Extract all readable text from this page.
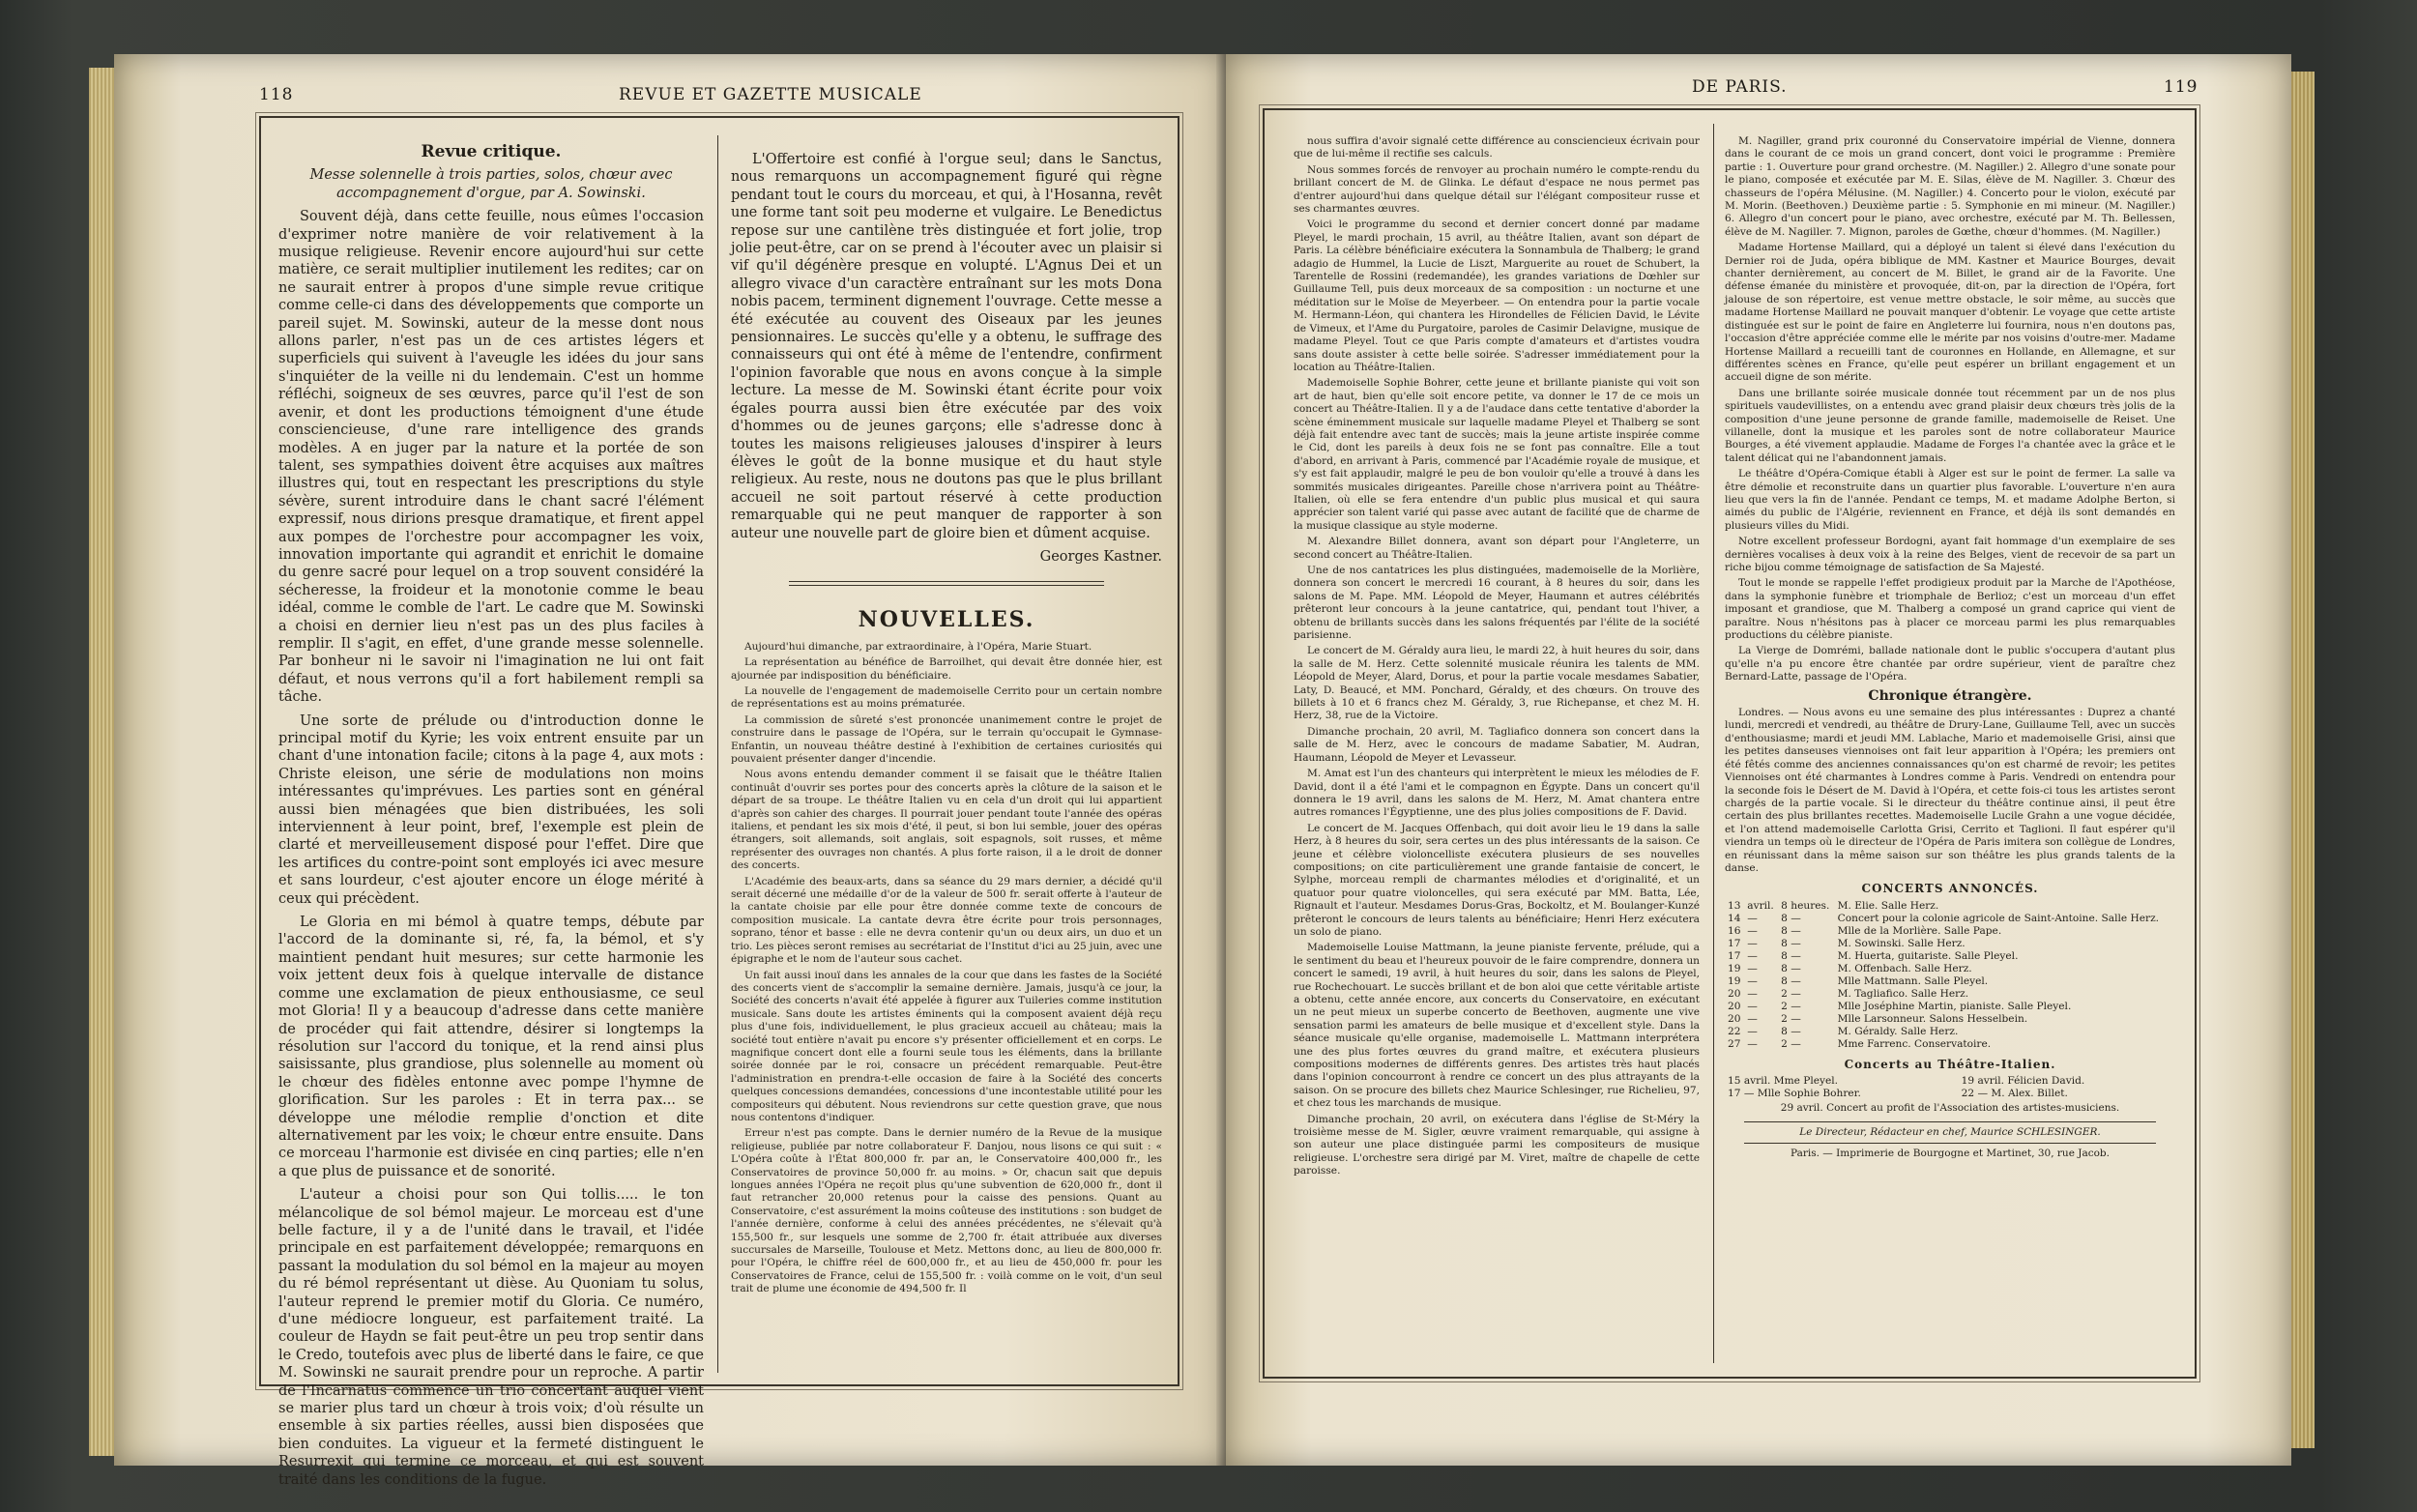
118	REVUE ET GAZETTE MUSICALE

Revue critique.

Messe solennelle à trois parties, solos, chœur avec accompagnement d'orgue, par A. Sowinski.

Souvent déjà, dans cette feuille, nous eûmes l'occasion d'exprimer notre manière de voir relativement à la musique religieuse. Revenir encore aujourd'hui sur cette matière, ce serait multiplier inutilement les redites; car on ne saurait entrer à propos d'une simple revue critique comme celle-ci dans des développements que comporte un pareil sujet. M. Sowinski, auteur de la messe dont nous allons parler, n'est pas un de ces artistes légers et superficiels qui suivent à l'aveugle les idées du jour sans s'inquiéter de la veille ni du lendemain. C'est un homme réfléchi, soigneux de ses œuvres, parce qu'il l'est de son avenir, et dont les productions témoignent d'une étude consciencieuse, d'une rare intelligence des grands modèles. A en juger par la nature et la portée de son talent, ses sympathies doivent être acquises aux maîtres illustres qui, tout en respectant les prescriptions du style sévère, surent introduire dans le chant sacré l'élément expressif, nous dirions presque dramatique, et firent appel aux pompes de l'orchestre pour accompagner les voix, innovation importante qui agrandit et enrichit le domaine du genre sacré pour lequel on a trop souvent considéré la sécheresse, la froideur et la monotonie comme le beau idéal, comme le comble de l'art. Le cadre que M. Sowinski a choisi en dernier lieu n'est pas un des plus faciles à remplir. Il s'agit, en effet, d'une grande messe solennelle. Par bonheur ni le savoir ni l'imagination ne lui ont fait défaut, et nous verrons qu'il a fort habilement rempli sa tâche.

Une sorte de prélude ou d'introduction donne le principal motif du Kyrie; les voix entrent ensuite par un chant d'une intonation facile; citons à la page 4, aux mots : Christe eleison, une série de modulations non moins intéressantes qu'imprévues. Les parties sont en général aussi bien ménagées que bien distribuées, les soli interviennent à leur point, bref, l'exemple est plein de clarté et merveilleusement disposé pour l'effet. Dire que les artifices du contre-point sont employés ici avec mesure et sans lourdeur, c'est ajouter encore un éloge mérité à ceux qui précèdent.

Le Gloria en mi bémol à quatre temps, débute par l'accord de la dominante si, ré, fa, la bémol, et s'y maintient pendant huit mesures; sur cette harmonie les voix jettent deux fois à quelque intervalle de distance comme une exclamation de pieux enthousiasme, ce seul mot Gloria! Il y a beaucoup d'adresse dans cette manière de procéder qui fait attendre, désirer si longtemps la résolution sur l'accord du tonique, et la rend ainsi plus saisissante, plus grandiose, plus solennelle au moment où le chœur des fidèles entonne avec pompe l'hymne de glorification. Sur les paroles : Et in terra pax... se développe une mélodie remplie d'onction et dite alternativement par les voix; le chœur entre ensuite. Dans ce morceau l'harmonie est divisée en cinq parties; elle n'en a que plus de puissance et de sonorité.

L'auteur a choisi pour son Qui tollis..... le ton mélancolique de sol bémol majeur. Le morceau est d'une belle facture, il y a de l'unité dans le travail, et l'idée principale en est parfaitement développée; remarquons en passant la modulation du sol bémol en la majeur au moyen du ré bémol représentant ut dièse. Au Quoniam tu solus, l'auteur reprend le premier motif du Gloria. Ce numéro, d'une médiocre longueur, est parfaitement traité. La couleur de Haydn se fait peut-être un peu trop sentir dans le Credo, toutefois avec plus de liberté dans le faire, ce que M. Sowinski ne saurait prendre pour un reproche. A partir de l'Incarnatus commence un trio concertant auquel vient se marier plus tard un chœur à trois voix; d'où résulte un ensemble à six parties réelles, aussi bien disposées que bien conduites. La vigueur et la fermeté distinguent le Resurrexit qui termine ce morceau, et qui est souvent traité dans les conditions de la fugue.

L'Offertoire est confié à l'orgue seul; dans le Sanctus, nous remarquons un accompagnement figuré qui règne pendant tout le cours du morceau, et qui, à l'Hosanna, revêt une forme tant soit peu moderne et vulgaire. Le Benedictus repose sur une cantilène très distinguée et fort jolie, trop jolie peut-être, car on se prend à l'écouter avec un plaisir si vif qu'il dégénère presque en volupté. L'Agnus Dei et un allegro vivace d'un caractère entraînant sur les mots Dona nobis pacem, terminent dignement l'ouvrage. Cette messe a été exécutée au couvent des Oiseaux par les jeunes pensionnaires. Le succès qu'elle y a obtenu, le suffrage des connaisseurs qui ont été à même de l'entendre, confirment l'opinion favorable que nous en avons conçue à la simple lecture. La messe de M. Sowinski étant écrite pour voix égales pourra aussi bien être exécutée par des voix d'hommes ou de jeunes garçons; elle s'adresse donc à toutes les maisons religieuses jalouses d'inspirer à leurs élèves le goût de la bonne musique et du haut style religieux. Au reste, nous ne doutons pas que le plus brillant accueil ne soit partout réservé à cette production remarquable qui ne peut manquer de rapporter à son auteur une nouvelle part de gloire bien et dûment acquise.

Georges Kastner.

NOUVELLES.

Aujourd'hui dimanche, par extraordinaire, à l'Opéra, Marie Stuart.

La représentation au bénéfice de Barroilhet, qui devait être donnée hier, est ajournée par indisposition du bénéficiaire.

La nouvelle de l'engagement de mademoiselle Cerrito pour un certain nombre de représentations est au moins prématurée.

La commission de sûreté s'est prononcée unanimement contre le projet de construire dans le passage de l'Opéra, sur le terrain qu'occupait le Gymnase-Enfantin, un nouveau théâtre destiné à l'exhibition de certaines curiosités qui pouvaient présenter danger d'incendie.

Nous avons entendu demander comment il se faisait que le théâtre Italien continuât d'ouvrir ses portes pour des concerts après la clôture de la saison et le départ de sa troupe. Le théâtre Italien vu en cela d'un droit qui lui appartient d'après son cahier des charges. Il pourrait jouer pendant toute l'année des opéras italiens, et pendant les six mois d'été, il peut, si bon lui semble, jouer des opéras étrangers, soit allemands, soit anglais, soit espagnols, soit russes, et même représenter des ouvrages non chantés. A plus forte raison, il a le droit de donner des concerts.

L'Académie des beaux-arts, dans sa séance du 29 mars dernier, a décidé qu'il serait décerné une médaille d'or de la valeur de 500 fr. serait offerte à l'auteur de la cantate choisie par elle pour être donnée comme texte de concours de composition musicale. La cantate devra être écrite pour trois personnages, soprano, ténor et basse : elle ne devra contenir qu'un ou deux airs, un duo et un trio. Les pièces seront remises au secrétariat de l'Institut d'ici au 25 juin, avec une épigraphe et le nom de l'auteur sous cachet.

Un fait aussi inouï dans les annales de la cour que dans les fastes de la Société des concerts vient de s'accomplir la semaine dernière. Jamais, jusqu'à ce jour, la Société des concerts n'avait été appelée à figurer aux Tuileries comme institution musicale. Sans doute les artistes éminents qui la composent avaient déjà reçu plus d'une fois, individuellement, le plus gracieux accueil au château; mais la société tout entière n'avait pu encore s'y présenter officiellement et en corps. Le magnifique concert dont elle a fourni seule tous les éléments, dans la brillante soirée donnée par le roi, consacre un précédent remarquable. Peut-être l'administration en prendra-t-elle occasion de faire à la Société des concerts quelques concessions demandées, concessions d'une incontestable utilité pour les compositeurs qui débutent. Nous reviendrons sur cette question grave, que nous nous contentons d'indiquer.

Erreur n'est pas compte. Dans le dernier numéro de la Revue de la musique religieuse, publiée par notre collaborateur F. Danjou, nous lisons ce qui suit : « L'Opéra coûte à l'État 800,000 fr. par an, le Conservatoire 400,000 fr., les Conservatoires de province 50,000 fr. au moins. » Or, chacun sait que depuis longues années l'Opéra ne reçoit plus qu'une subvention de 620,000 fr., dont il faut retrancher 20,000 retenus pour la caisse des pensions. Quant au Conservatoire, c'est assurément la moins coûteuse des institutions : son budget de l'année dernière, conforme à celui des années précédentes, ne s'élevait qu'à 155,500 fr., sur lesquels une somme de 2,700 fr. était attribuée aux diverses succursales de Marseille, Toulouse et Metz. Mettons donc, au lieu de 800,000 fr. pour l'Opéra, le chiffre réel de 600,000 fr., et au lieu de 450,000 fr. pour les Conservatoires de France, celui de 155,500 fr. : voilà comme on le voit, d'un seul trait de plume une économie de 494,500 fr. Il

DE PARIS.	119

nous suffira d'avoir signalé cette différence au consciencieux écrivain pour que de lui-même il rectifie ses calculs.

Nous sommes forcés de renvoyer au prochain numéro le compte-rendu du brillant concert de M. de Glinka. Le défaut d'espace ne nous permet pas d'entrer aujourd'hui dans quelque détail sur l'élégant compositeur russe et ses charmantes œuvres.

Voici le programme du second et dernier concert donné par madame Pleyel, le mardi prochain, 15 avril, au théâtre Italien, avant son départ de Paris. La célèbre bénéficiaire exécutera la Sonnambula de Thalberg; le grand adagio de Hummel, la Lucie de Liszt, Marguerite au rouet de Schubert, la Tarentelle de Rossini (redemandée), les grandes variations de Dœhler sur Guillaume Tell, puis deux morceaux de sa composition : un nocturne et une méditation sur le Moïse de Meyerbeer. — On entendra pour la partie vocale M. Hermann-Léon, qui chantera les Hirondelles de Félicien David, le Lévite de Vimeux, et l'Ame du Purgatoire, paroles de Casimir Delavigne, musique de madame Pleyel. Tout ce que Paris compte d'amateurs et d'artistes voudra sans doute assister à cette belle soirée. S'adresser immédiatement pour la location au Théâtre-Italien.

Mademoiselle Sophie Bohrer, cette jeune et brillante pianiste qui voit son art de haut, bien qu'elle soit encore petite, va donner le 17 de ce mois un concert au Théâtre-Italien. Il y a de l'audace dans cette tentative d'aborder la scène éminemment musicale sur laquelle madame Pleyel et Thalberg se sont déjà fait entendre avec tant de succès; mais la jeune artiste inspirée comme le Cid, dont les pareils à deux fois ne se font pas connaître. Elle a tout d'abord, en arrivant à Paris, commencé par l'Académie royale de musique, et s'y est fait applaudir, malgré le peu de bon vouloir qu'elle a trouvé à dans les sommités musicales dirigeantes. Pareille chose n'arrivera point au Théâtre-Italien, où elle se fera entendre d'un public plus musical et qui saura apprécier son talent varié qui passe avec autant de facilité que de charme de la musique classique au style moderne.

M. Alexandre Billet donnera, avant son départ pour l'Angleterre, un second concert au Théâtre-Italien.

Une de nos cantatrices les plus distinguées, mademoiselle de la Morlière, donnera son concert le mercredi 16 courant, à 8 heures du soir, dans les salons de M. Pape. MM. Léopold de Meyer, Haumann et autres célébrités prêteront leur concours à la jeune cantatrice, qui, pendant tout l'hiver, a obtenu de brillants succès dans les salons fréquentés par l'élite de la société parisienne.

Le concert de M. Géraldy aura lieu, le mardi 22, à huit heures du soir, dans la salle de M. Herz. Cette solennité musicale réunira les talents de MM. Léopold de Meyer, Alard, Dorus, et pour la partie vocale mesdames Sabatier, Laty, D. Beaucé, et MM. Ponchard, Géraldy, et des chœurs. On trouve des billets à 10 et 6 francs chez M. Géraldy, 3, rue Richepanse, et chez M. H. Herz, 38, rue de la Victoire.

Dimanche prochain, 20 avril, M. Tagliafico donnera son concert dans la salle de M. Herz, avec le concours de madame Sabatier, M. Audran, Haumann, Léopold de Meyer et Levasseur.

M. Amat est l'un des chanteurs qui interprètent le mieux les mélodies de F. David, dont il a été l'ami et le compagnon en Égypte. Dans un concert qu'il donnera le 19 avril, dans les salons de M. Herz, M. Amat chantera entre autres romances l'Égyptienne, une des plus jolies compositions de F. David.

Le concert de M. Jacques Offenbach, qui doit avoir lieu le 19 dans la salle Herz, à 8 heures du soir, sera certes un des plus intéressants de la saison. Ce jeune et célèbre violoncelliste exécutera plusieurs de ses nouvelles compositions; on cite particulièrement une grande fantaisie de concert, le Sylphe, morceau rempli de charmantes mélodies et d'originalité, et un quatuor pour quatre violoncelles, qui sera exécuté par MM. Batta, Lée, Rignault et l'auteur. Mesdames Dorus-Gras, Bockoltz, et M. Boulanger-Kunzé prêteront le concours de leurs talents au bénéficiaire; Henri Herz exécutera un solo de piano.

Mademoiselle Louise Mattmann, la jeune pianiste fervente, prélude, qui a le sentiment du beau et l'heureux pouvoir de le faire comprendre, donnera un concert le samedi, 19 avril, à huit heures du soir, dans les salons de Pleyel, rue Rochechouart. Le succès brillant et de bon aloi que cette véritable artiste a obtenu, cette année encore, aux concerts du Conservatoire, en exécutant un ne peut mieux un superbe concerto de Beethoven, augmente une vive sensation parmi les amateurs de belle musique et d'excellent style. Dans la séance musicale qu'elle organise, mademoiselle L. Mattmann interprétera une des plus fortes œuvres du grand maître, et exécutera plusieurs compositions modernes de différents genres. Des artistes très haut placés dans l'opinion concourront à rendre ce concert un des plus attrayants de la saison. On se procure des billets chez Maurice Schlesinger, rue Richelieu, 97, et chez tous les marchands de musique.

Dimanche prochain, 20 avril, on exécutera dans l'église de St-Méry la troisième messe de M. Sigler, œuvre vraiment remarquable, qui assigne à son auteur une place distinguée parmi les compositeurs de musique religieuse. L'orchestre sera dirigé par M. Viret, maître de chapelle de cette paroisse.

M. Nagiller, grand prix couronné du Conservatoire impérial de Vienne, donnera dans le courant de ce mois un grand concert, dont voici le programme : Première partie : 1. Ouverture pour grand orchestre. (M. Nagiller.) 2. Allegro d'une sonate pour le piano, composée et exécutée par M. E. Silas, élève de M. Nagiller. 3. Chœur des chasseurs de l'opéra Mélusine. (M. Nagiller.) 4. Concerto pour le violon, exécuté par M. Morin. (Beethoven.) Deuxième partie : 5. Symphonie en mi mineur. (M. Nagiller.) 6. Allegro d'un concert pour le piano, avec orchestre, exécuté par M. Th. Bellessen, élève de M. Nagiller. 7. Mignon, paroles de Gœthe, chœur d'hommes. (M. Nagiller.)

Madame Hortense Maillard, qui a déployé un talent si élevé dans l'exécution du Dernier roi de Juda, opéra biblique de MM. Kastner et Maurice Bourges, devait chanter dernièrement, au concert de M. Billet, le grand air de la Favorite. Une défense émanée du ministère et provoquée, dit-on, par la direction de l'Opéra, fort jalouse de son répertoire, est venue mettre obstacle, le soir même, au succès que madame Hortense Maillard ne pouvait manquer d'obtenir. Le voyage que cette artiste distinguée est sur le point de faire en Angleterre lui fournira, nous n'en doutons pas, l'occasion d'être appréciée comme elle le mérite par nos voisins d'outre-mer. Madame Hortense Maillard a recueilli tant de couronnes en Hollande, en Allemagne, et sur différentes scènes en France, qu'elle peut espérer un brillant engagement et un accueil digne de son mérite.

Dans une brillante soirée musicale donnée tout récemment par un de nos plus spirituels vaudevillistes, on a entendu avec grand plaisir deux chœurs très jolis de la composition d'une jeune personne de grande famille, mademoiselle de Reiset. Une villanelle, dont la musique et les paroles sont de notre collaborateur Maurice Bourges, a été vivement applaudie. Madame de Forges l'a chantée avec la grâce et le talent délicat qui ne l'abandonnent jamais.

Le théâtre d'Opéra-Comique établi à Alger est sur le point de fermer. La salle va être démolie et reconstruite dans un quartier plus favorable. L'ouverture n'en aura lieu que vers la fin de l'année. Pendant ce temps, M. et madame Adolphe Berton, si aimés du public de l'Algérie, reviennent en France, et déjà ils sont demandés en plusieurs villes du Midi.

Notre excellent professeur Bordogni, ayant fait hommage d'un exemplaire de ses dernières vocalises à deux voix à la reine des Belges, vient de recevoir de sa part un riche bijou comme témoignage de satisfaction de Sa Majesté.

Tout le monde se rappelle l'effet prodigieux produit par la Marche de l'Apothéose, dans la symphonie funèbre et triomphale de Berlioz; c'est un morceau d'un effet imposant et grandiose, que M. Thalberg a composé un grand caprice qui vient de paraître. Nous n'hésitons pas à placer ce morceau parmi les plus remarquables productions du célèbre pianiste.

La Vierge de Domrémi, ballade nationale dont le public s'occupera d'autant plus qu'elle n'a pu encore être chantée par ordre supérieur, vient de paraître chez Bernard-Latte, passage de l'Opéra.

Chronique étrangère.

Londres. — Nous avons eu une semaine des plus intéressantes : Duprez a chanté lundi, mercredi et vendredi, au théâtre de Drury-Lane, Guillaume Tell, avec un succès d'enthousiasme; mardi et jeudi MM. Lablache, Mario et mademoiselle Grisi, ainsi que les petites danseuses viennoises ont fait leur apparition à l'Opéra; les premiers ont été fêtés comme des anciennes connaissances qu'on est charmé de revoir; les petites Viennoises ont été charmantes à Londres comme à Paris. Vendredi on entendra pour la seconde fois le Désert de M. David à l'Opéra, et cette fois-ci tous les artistes seront chargés de la partie vocale. Si le directeur du théâtre continue ainsi, il peut être certain des plus brillantes recettes. Mademoiselle Lucile Grahn a une vogue décidée, et l'on attend mademoiselle Carlotta Grisi, Cerrito et Taglioni. Il faut espérer qu'il viendra un temps où le directeur de l'Opéra de Paris imitera son collègue de Londres, en réunissant dans la même saison sur son théâtre les plus grands talents de la danse.

CONCERTS ANNONCÉS.
13	avril.	8 heures.	M. Elie. Salle Herz.
14	—	8 —	Concert pour la colonie agricole de Saint-Antoine. Salle Herz.
16	—	8 —	Mlle de la Morlière. Salle Pape.
17	—	8 —	M. Sowinski. Salle Herz.
17	—	8 —	M. Huerta, guitariste. Salle Pleyel.
19	—	8 —	M. Offenbach. Salle Herz.
19	—	8 —	Mlle Mattmann. Salle Pleyel.
20	—	2 —	M. Tagliafico. Salle Herz.
20	—	2 —	Mlle Joséphine Martin, pianiste. Salle Pleyel.
20	—	2 —	Mlle Larsonneur. Salons Hesselbein.
22	—	8 —	M. Géraldy. Salle Herz.
27	—	2 —	Mme Farrenc. Conservatoire.
Concerts au Théâtre-Italien.
15 avril. Mme Pleyel.	19 avril. Félicien David.
17 — Mlle Sophie Bohrer.	22 — M. Alex. Billet.
29 avril. Concert au profit de l'Association des artistes-musiciens.
Le Directeur, Rédacteur en chef, Maurice SCHLESINGER.
Paris. — Imprimerie de Bourgogne et Martinet, 30, rue Jacob.
